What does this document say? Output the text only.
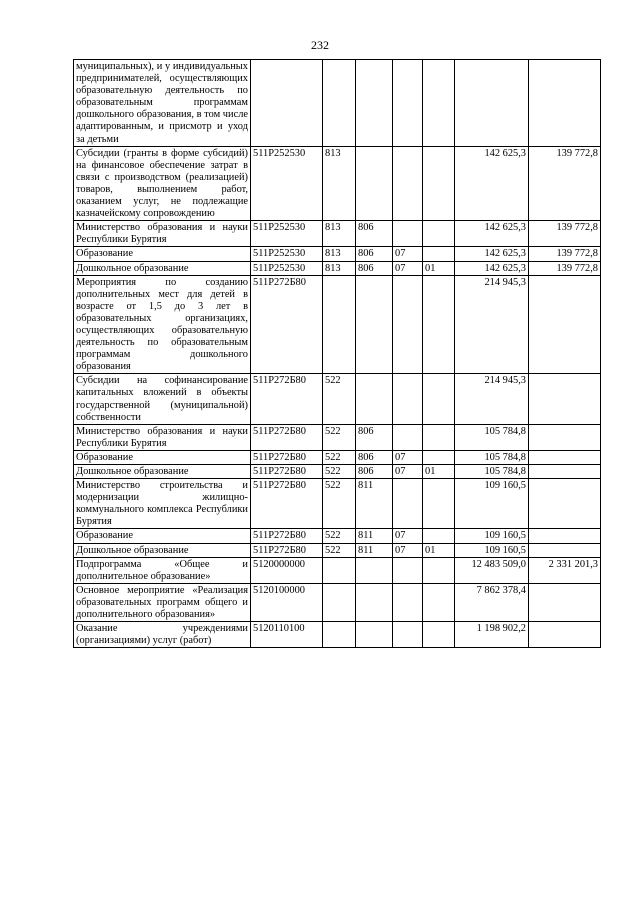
232
муниципальных), и у индивидуальных предпринимателей, осуществляющих образовательную деятельность по образовательным программам дошкольного образования, в том числе адаптированным, и присмотр и уход за детьми							
Субсидии (гранты в форме субсидий) на финансовое обеспечение затрат в связи с производством (реализацией) товаров, выполнением работ, оказанием услуг, не подлежащие казначейскому сопровождению	511Р252530	813				142 625,3	139 772,8
Министерство образования и науки Республики Бурятия	511Р252530	813	806			142 625,3	139 772,8
Образование	511Р252530	813	806	07		142 625,3	139 772,8
Дошкольное образование	511Р252530	813	806	07	01	142 625,3	139 772,8
Мероприятия по созданию дополнительных мест для детей в возрасте от 1,5 до 3 лет в образовательных организациях, осуществляющих образовательную деятельность по образовательным программам дошкольного образования	511Р272Б80					214 945,3	
Субсидии на софинансирование капитальных вложений в объекты государственной (муниципальной) собственности	511Р272Б80	522				214 945,3	
Министерство образования и науки Республики Бурятия	511Р272Б80	522	806			105 784,8	
Образование	511Р272Б80	522	806	07		105 784,8	
Дошкольное образование	511Р272Б80	522	806	07	01	105 784,8	
Министерство строительства и модернизации жилищно-коммунального комплекса Республики Бурятия	511Р272Б80	522	811			109 160,5	
Образование	511Р272Б80	522	811	07		109 160,5	
Дошкольное образование	511Р272Б80	522	811	07	01	109 160,5	
Подпрограмма «Общее и дополнительное образование»	5120000000					12 483 509,0	2 331 201,3
Основное мероприятие «Реализация образовательных программ общего и дополнительного образования»	5120100000					7 862 378,4	
Оказание учреждениями (организациями) услуг (работ)	5120110100					1 198 902,2	
